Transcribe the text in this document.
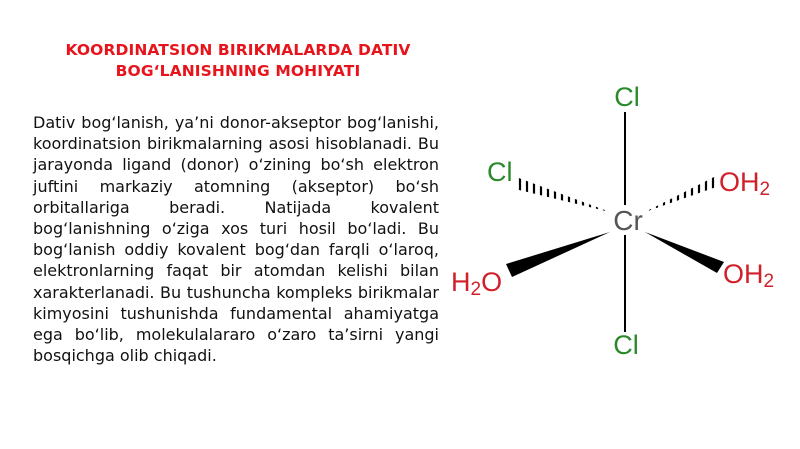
KOORDINATSION BIRIKMALARDA DATIV BOG‘LANISHNING MOHIYATI
Dativ bog‘lanish, ya’ni donor-akseptor bog‘lanishi, koordinatsion birikmalarning asosi hisoblanadi. Bu jarayonda ligand (donor) o‘zining bo‘sh elektron juftini markaziy atomning (akseptor) bo‘sh orbitallariga beradi. Natijada kovalent bog‘lanishning o‘ziga xos turi hosil bo‘ladi. Bu bog‘lanish oddiy kovalent bog‘dan farqli o‘laroq, elektronlarning faqat bir atomdan kelishi bilan xarakterlanadi. Bu tushuncha kompleks birikmalar kimyosini tushunishda fundamental ahamiyatga ega bo‘lib, molekulalararo o‘zaro ta’sirni yangi bosqichga olib chiqadi.
Cl
Cl
Cl
Cr
OH2
H2O	OH2
